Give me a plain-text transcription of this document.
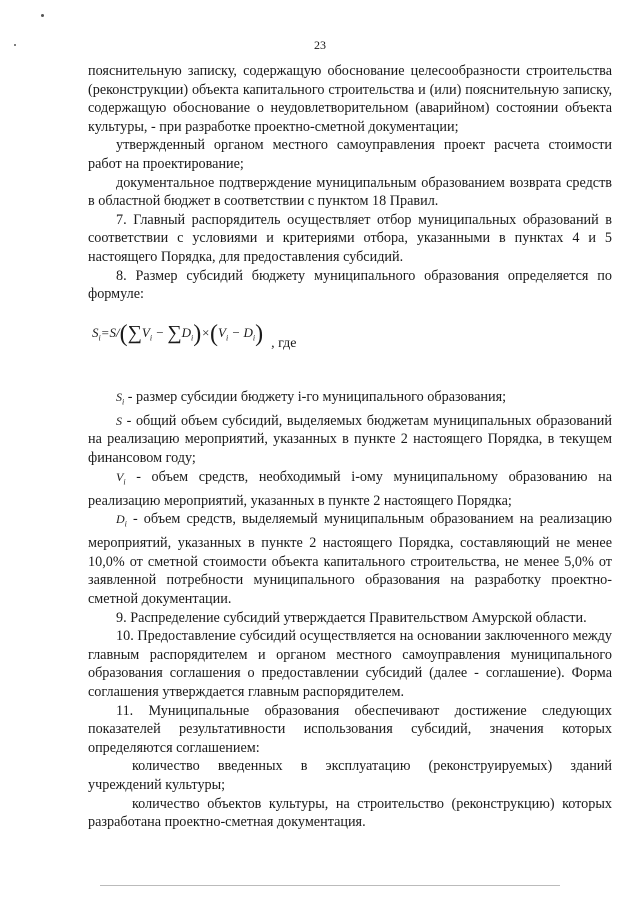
23

пояснительную записку, содержащую обоснование целесообразности строительства (реконструкции) объекта капитального строительства и (или) пояснительную записку, содержащую обоснование о неудовлетворительном (аварийном) состоянии объекта культуры, - при разработке проектно-сметной документации;

утвержденный органом местного самоуправления проект расчета стоимости работ на проектирование;

документальное подтверждение муниципальным образованием возврата средств в областной бюджет в соответствии с пунктом 18 Правил.

7. Главный распорядитель осуществляет отбор муниципальных образований в соответствии с условиями и критериями отбора, указанными в пунктах 4 и 5 настоящего Порядка, для предоставления субсидий.

8. Размер субсидий бюджету муниципального образования определяется по формуле:

$S_i=S/(\sum V_i - \sum D_i)\times(V_i - D_i)$ , где

$S_i$ - размер субсидии бюджету i-го муниципального образования;

S - общий объем субсидий, выделяемых бюджетам муниципальных образований на реализацию мероприятий, указанных в пункте 2 настоящего Порядка, в текущем финансовом году;

$V_i$ - объем средств, необходимый i-ому муниципальному образованию на реализацию мероприятий, указанных в пункте 2 настоящего Порядка;

$D_i$ - объем средств, выделяемый муниципальным образованием на реализацию мероприятий, указанных в пункте 2 настоящего Порядка, составляющий не менее 10,0% от сметной стоимости объекта капитального строительства, не менее 5,0% от заявленной потребности муниципального образования на разработку проектно-сметной документации.

9. Распределение субсидий утверждается Правительством Амурской области.

10. Предоставление субсидий осуществляется на основании заключенного между главным распорядителем и органом местного самоуправления муниципального образования соглашения о предоставлении субсидий (далее - соглашение). Форма соглашения утверждается главным распорядителем.

11. Муниципальные образования обеспечивают достижение следующих показателей результативности использования субсидий, значения которых определяются соглашением:

количество введенных в эксплуатацию (реконструируемых) зданий учреждений культуры;

количество объектов культуры, на строительство (реконструкцию) которых разработана проектно-сметная документация.
